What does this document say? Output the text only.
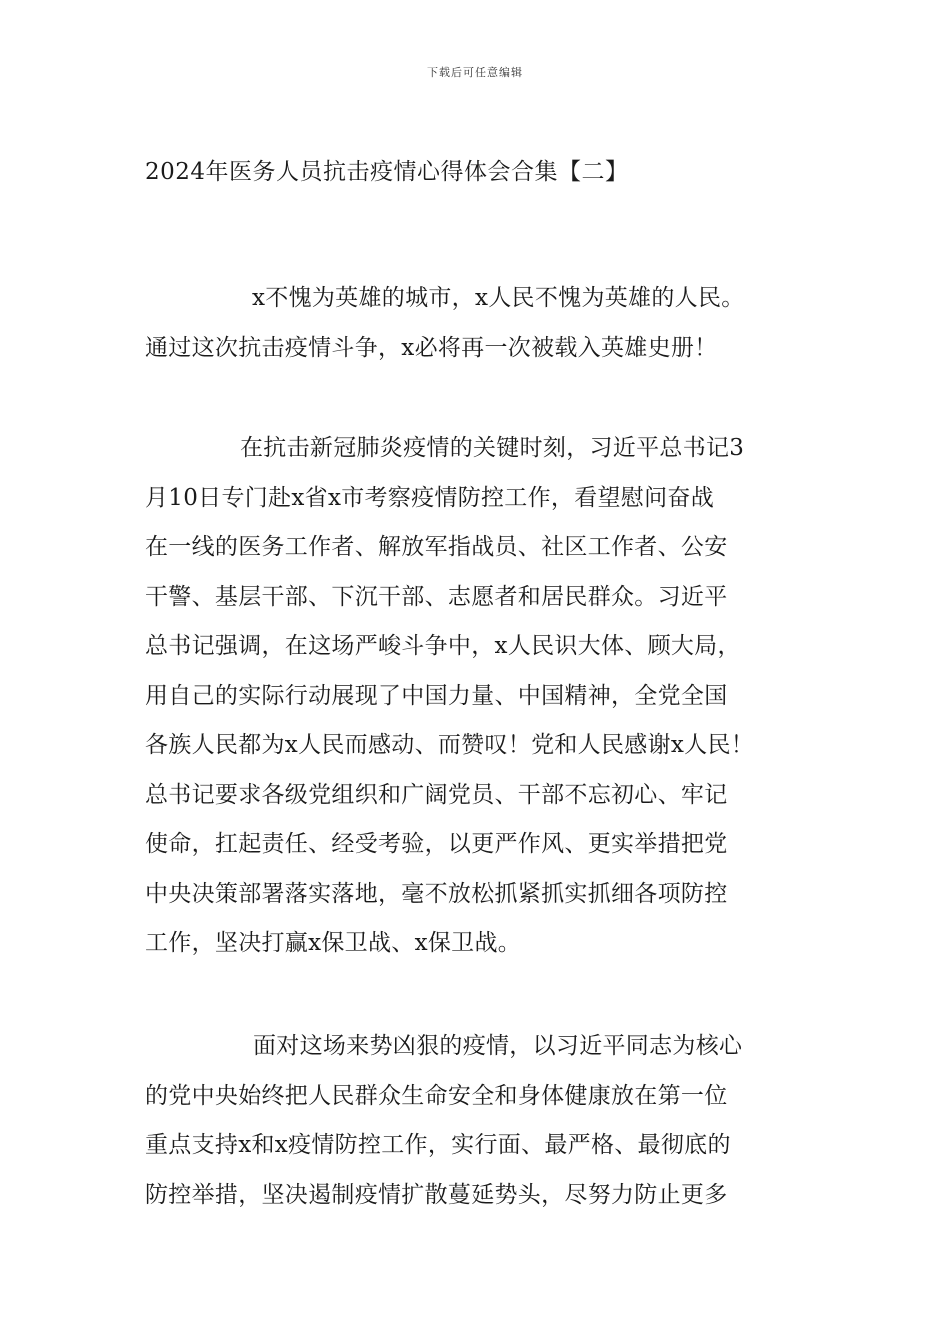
下载后可任意编辑
2024年医务人员抗击疫情心得体会合集【二】
x不愧为英雄的城市，x人民不愧为英雄的人民。
通过这次抗击疫情斗争，x必将再一次被载入英雄史册！
在抗击新冠肺炎疫情的关键时刻，习近平总书记3
月10日专门赴x省x市考察疫情防控工作，看望慰问奋战
在一线的医务工作者、解放军指战员、社区工作者、公安
干警、基层干部、下沉干部、志愿者和居民群众。习近平
总书记强调，在这场严峻斗争中，x人民识大体、顾大局，
用自己的实际行动展现了中国力量、中国精神，全党全国
各族人民都为x人民而感动、而赞叹！党和人民感谢x人民！
总书记要求各级党组织和广阔党员、干部不忘初心、牢记
使命，扛起责任、经受考验，以更严作风、更实举措把党
中央决策部署落实落地，毫不放松抓紧抓实抓细各项防控
工作，坚决打赢x保卫战、x保卫战。
面对这场来势凶狠的疫情，以习近平同志为核心
的党中央始终把人民群众生命安全和身体健康放在第一位
重点支持x和x疫情防控工作，实行面、最严格、最彻底的
防控举措，坚决遏制疫情扩散蔓延势头，尽努力防止更多
